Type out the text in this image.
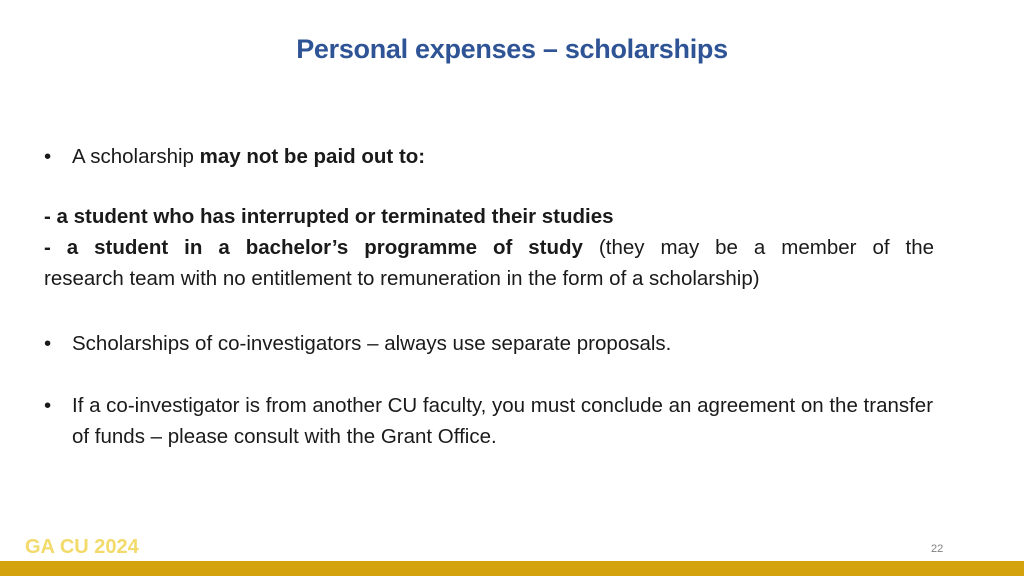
Personal expenses – scholarships
• A scholarship may not be paid out to:
- a student who has interrupted or terminated their studies
- a student in a bachelor’s programme of study (they may be a member of the
research team with no entitlement to remuneration in the form of a scholarship)
• Scholarships of co-investigators – always use separate proposals.
• If a co-investigator is from another CU faculty, you must conclude an agreement on the transfer of funds – please consult with the Grant Office.
GA CU 2024	22
